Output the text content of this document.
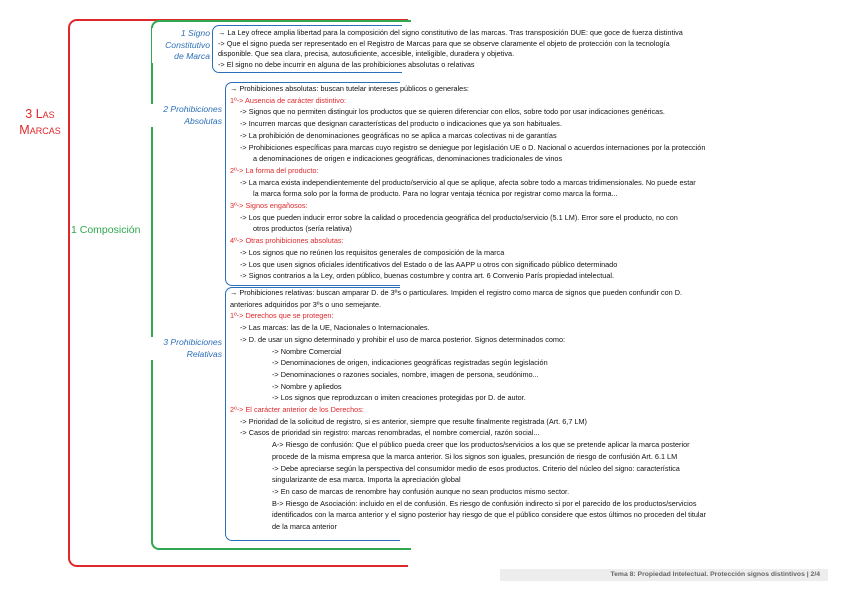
3 Las
Marcas
1 Composición
1 Signo
Constitutivo
de Marca
2 Prohibiciones
Absolutas
3 Prohibiciones
Relativas
→ La Ley ofrece amplia libertad para la composición del signo constitutivo de las marcas. Tras transposición DUE: que goce de fuerza distintiva
-> Que el signo pueda ser representado en el Registro de Marcas para que se observe claramente el objeto de protección con la tecnología
disponible. Que sea clara, precisa, autosuficiente, accesible, inteligible, duradera y objetiva.
-> El signo no debe incurrir en alguna de las prohibiciones absolutas o relativas
→ Prohibiciones absolutas: buscan tutelar intereses públicos o generales:
1º-> Ausencia de carácter distintivo:
-> Signos que no permiten distinguir los productos que se quieren diferenciar con ellos, sobre todo por usar indicaciones genéricas.
-> Incurren marcas que designan características del producto o indicaciones que ya son habituales.
-> La prohibición de denominaciones geográficas no se aplica a marcas colectivas ni de garantías
-> Prohibiciones específicas para marcas cuyo registro se deniegue por legislación UE o D. Nacional o acuerdos internaciones por la protección
a denominaciones de origen e indicaciones geográficas, denominaciones tradicionales de vinos
2º-> La forma del producto:
-> La marca exista independientemente del producto/servicio al que se aplique, afecta sobre todo a marcas tridimensionales. No puede estar
la marca forma solo por la forma de producto. Para no lograr ventaja técnica por registrar como marca la forma...
3º-> Signos engañosos:
-> Los que pueden inducir error sobre la calidad o procedencia geográfica del producto/servicio (5.1 LM). Error sore el producto, no con
otros productos (sería relativa)
4º-> Otras prohibiciones absolutas:
-> Los signos que no reúnen los requisitos generales de composición de la marca
-> Los que usen signos oficiales identificativos del Estado o de las AAPP u otros con significado público determinado
-> Signos contrarios a la Ley, orden público, buenas costumbre y contra art. 6 Convenio París propiedad intelectual.
→ Prohibiciones relativas: buscan amparar D. de 3ºs o particulares. Impiden el registro como marca de signos que pueden confundir con D.
anteriores adquiridos por 3ºs o uno semejante.
1º-> Derechos que se protegen:
-> Las marcas: las de la UE, Nacionales o Internacionales.
-> D. de usar un signo determinado y prohibir el uso de marca posterior. Signos determinados como:
-> Nombre Comercial
-> Denominaciones de origen, indicaciones geográficas registradas según legislación
-> Denominaciones o razones sociales, nombre, imagen de persona, seudónimo...
-> Nombre y apliedos
-> Los signos que reproduzcan o imiten creaciones protegidas por D. de autor.
2º-> El carácter anterior de los Derechos:
-> Prioridad de la solicitud de registro, si es anterior, siempre que resulte finalmente registrada (Art. 6,7 LM)
-> Casos de prioridad sin registro: marcas renombradas, el nombre comercial, razón social...
A-> Riesgo de confusión: Que el público pueda creer que los productos/servicios a los que se pretende aplicar la marca posterior
procede de la misma empresa que la marca anterior. Si los signos son iguales, presunción de riesgo de confusión Art. 6.1 LM
-> Debe apreciarse según la perspectiva del consumidor medio de esos productos. Criterio del núcleo del signo: característica
singularizante de esa marca. Importa la apreciación global
-> En caso de marcas de renombre hay confusión aunque no sean productos mismo sector.
B-> Riesgo de Asociación: incluido en el de confusión. Es riesgo de confusión indirecto si por el parecido de los productos/servicios
identificados con la marca anterior y el signo posterior hay riesgo de que el público considere que estos últimos no proceden del titular
de la marca anterior
Tema 8: Propiedad Intelectual. Protección signos distintivos | 2/4
